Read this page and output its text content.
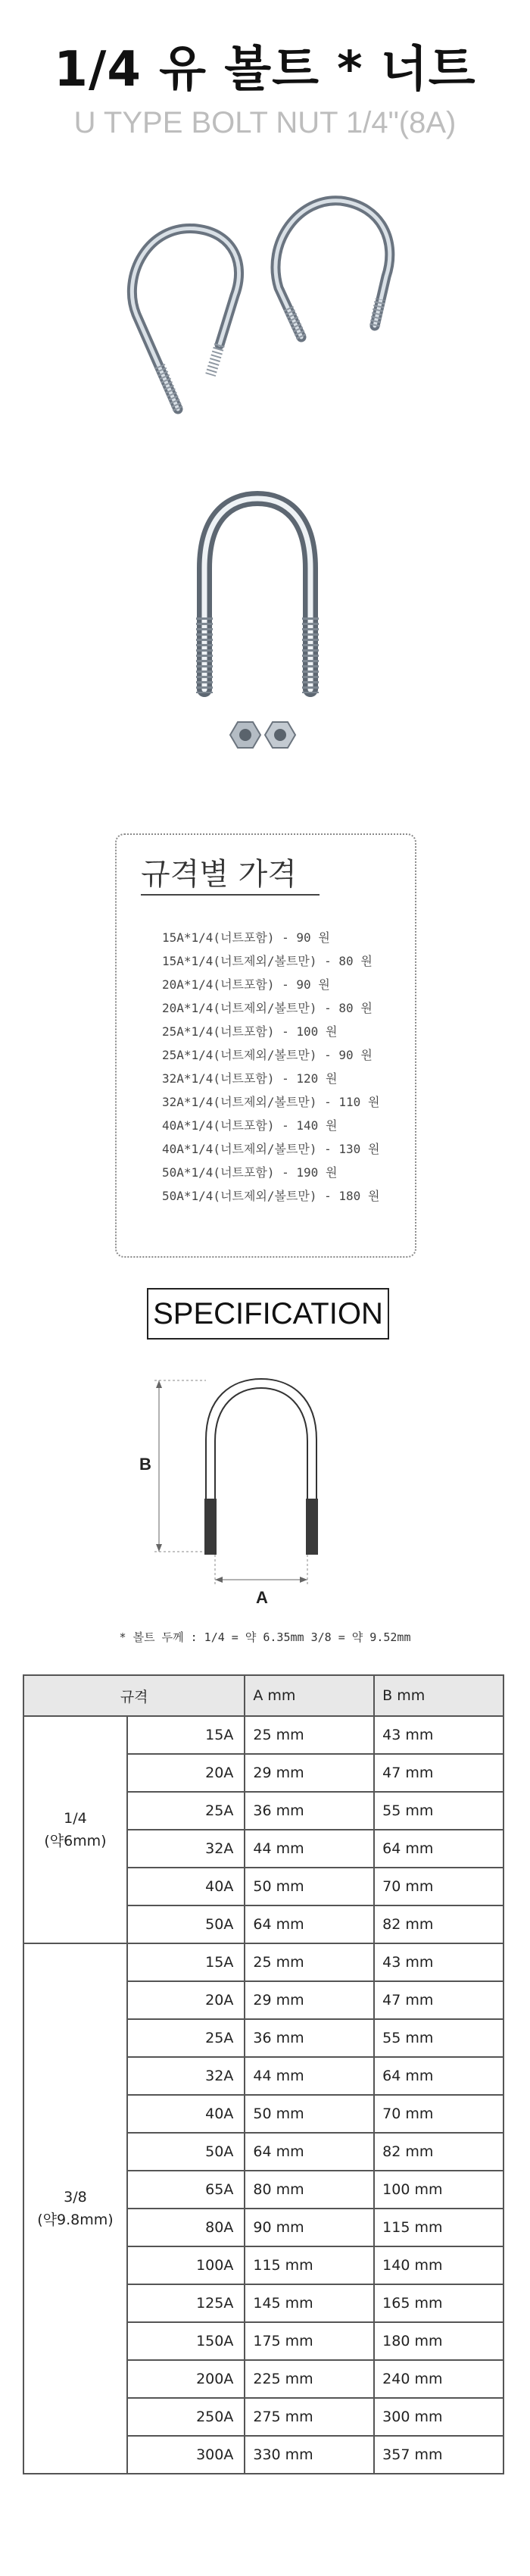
1/4 유 볼트 * 너트
U TYPE BOLT NUT 1/4"(8A)
규격별 가격
15A*1/4(너트포함) - 90 원
15A*1/4(너트제외/볼트만) - 80 원
20A*1/4(너트포함) - 90 원
20A*1/4(너트제외/볼트만) - 80 원
25A*1/4(너트포함) - 100 원
25A*1/4(너트제외/볼트만) - 90 원
32A*1/4(너트포함) - 120 원
32A*1/4(너트제외/볼트만) - 110 원
40A*1/4(너트포함) - 140 원
40A*1/4(너트제외/볼트만) - 130 원
50A*1/4(너트포함) - 190 원
50A*1/4(너트제외/볼트만) - 180 원
SPECIFICATION
B
A
* 볼트 두께 : 1/4 = 약 6.35mm 3/8 = 약 9.52mm
규격		A mm	B mm

1/4
(약6mm)	15A	25 mm	43 mm
	20A	29 mm	47 mm
	25A	36 mm	55 mm
	32A	44 mm	64 mm
	40A	50 mm	70 mm
	50A	64 mm	82 mm

3/8
(약9.8mm)	15A	25 mm	43 mm
	20A	29 mm	47 mm
	25A	36 mm	55 mm
	32A	44 mm	64 mm
	40A	50 mm	70 mm
	50A	64 mm	82 mm
	65A	80 mm	100 mm
	80A	90 mm	115 mm
	100A	115 mm	140 mm
	125A	145 mm	165 mm
	150A	175 mm	180 mm
	200A	225 mm	240 mm
	250A	275 mm	300 mm
	300A	330 mm	357 mm
